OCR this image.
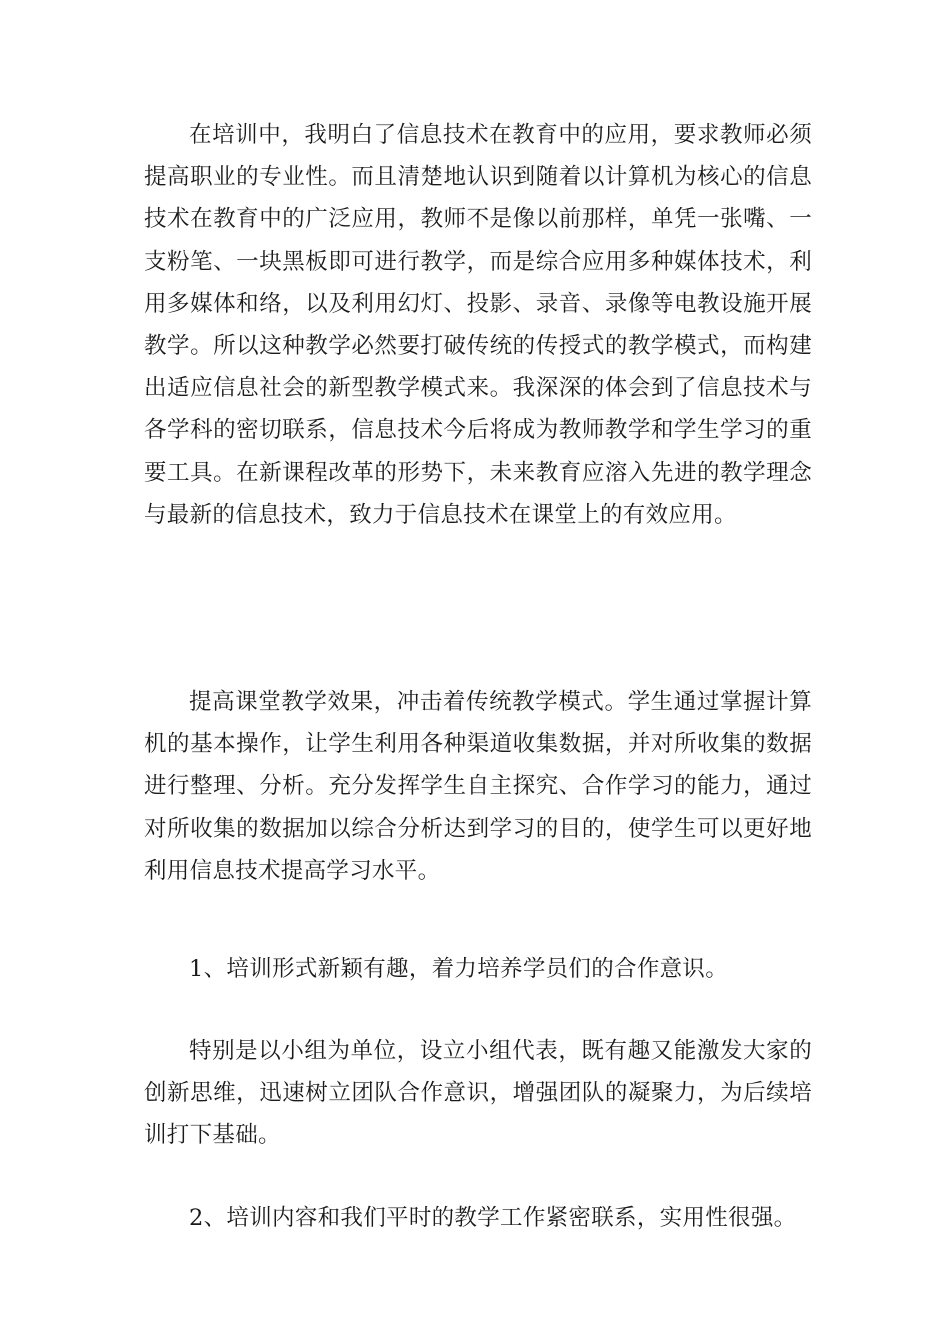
在培训中，我明白了信息技术在教育中的应用，要求教师必须提高职业的专业性。而且清楚地认识到随着以计算机为核心的信息技术在教育中的广泛应用，教师不是像以前那样，单凭一张嘴、一支粉笔、一块黑板即可进行教学，而是综合应用多种媒体技术，利用多媒体和络，以及利用幻灯、投影、录音、录像等电教设施开展教学。所以这种教学必然要打破传统的传授式的教学模式，而构建出适应信息社会的新型教学模式来。我深深的体会到了信息技术与各学科的密切联系，信息技术今后将成为教师教学和学生学习的重要工具。在新课程改革的形势下，未来教育应溶入先进的教学理念与最新的信息技术，致力于信息技术在课堂上的有效应用。

提高课堂教学效果，冲击着传统教学模式。学生通过掌握计算机的基本操作，让学生利用各种渠道收集数据，并对所收集的数据进行整理、分析。充分发挥学生自主探究、合作学习的能力，通过对所收集的数据加以综合分析达到学习的目的，使学生可以更好地利用信息技术提高学习水平。

1、培训形式新颖有趣，着力培养学员们的合作意识。

特别是以小组为单位，设立小组代表，既有趣又能激发大家的创新思维，迅速树立团队合作意识，增强团队的凝聚力，为后续培训打下基础。

2、培训内容和我们平时的教学工作紧密联系，实用性很强。
